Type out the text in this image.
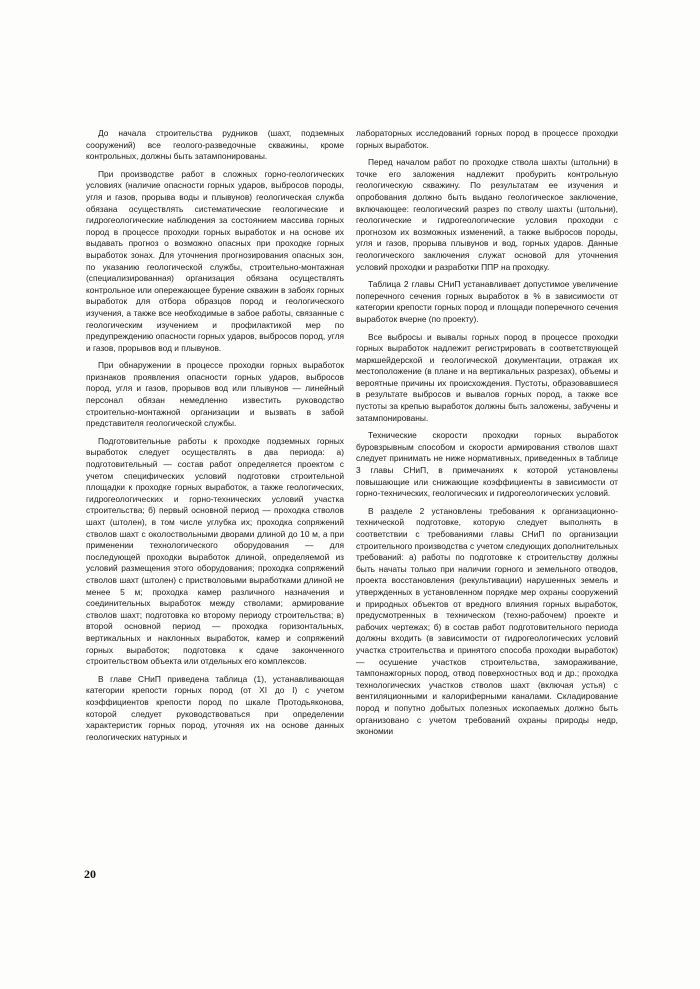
До начала строительства рудников (шахт, подземных сооружений) все геолого-разведочные скважины, кроме контрольных, должны быть затампонированы.

При производстве работ в сложных горно-геологических условиях (наличие опасности горных ударов, выбросов породы, угля и газов, прорыва воды и плывунов) геологическая служба обязана осуществлять систематические геологические и гидрогеологические наблюдения за состоянием массива горных пород в процессе проходки горных выработок и на основе их выдавать прогноз о возможно опасных при проходке горных выработок зонах. Для уточнения прогнозирования опасных зон, по указанию геологической службы, строительно-монтажная (специализированная) организация обязана осуществлять контрольное или опережающее бурение скважин в забоях горных выработок для отбора образцов пород и геологического изучения, а также все необходимые в забое работы, связанные с геологическим изучением и профилактикой мер по предупреждению опасности горных ударов, выбросов пород, угля и газов, прорывов вод и плывунов.

При обнаружении в процессе проходки горных выработок признаков проявления опасности горных ударов, выбросов пород, угля и газов, прорывов вод или плывунов — линейный персонал обязан немедленно известить руководство строительно-монтажной организации и вызвать в забой представителя геологической службы.

Подготовительные работы к проходке подземных горных выработок следует осуществлять в два периода: а) подготовительный — состав работ определяется проектом с учетом специфических условий подготовки строительной площадки к проходке горных выработок, а также геологических, гидрогеологических и горно-технических условий участка строительства; б) первый основной период — проходка стволов шахт (штолен), в том числе углубка их; проходка сопряжений стволов шахт с околоствольными дворами длиной до 10 м, а при применении технологического оборудования — для последующей проходки выработок длиной, определяемой из условий размещения этого оборудования; проходка сопряжений стволов шахт (штолен) с пристволовыми выработками длиной не менее 5 м; проходка камер различного назначения и соединительных выработок между стволами; армирование стволов шахт; подготовка ко второму периоду строительства; в) второй основной период — проходка горизонтальных, вертикальных и наклонных выработок, камер и сопряжений горных выработок; подготовка к сдаче законченного строительством объекта или отдельных его комплексов.

В главе СНиП приведена таблица (1), устанавливающая категории крепости горных пород (от XI до I) с учетом коэффициентов крепости пород по шкале Протодьяконова, которой следует руководствоваться при определении характеристик горных пород, уточняя их на основе данных геологических натурных и

лабораторных исследований горных пород в процессе проходки горных выработок.

Перед началом работ по проходке ствола шахты (штольни) в точке его заложения надлежит пробурить контрольную геологическую скважину. По результатам ее изучения и опробования должно быть выдано геологическое заключение, включающее: геологический разрез по стволу шахты (штольни), геологические и гидрогеологические условия проходки с прогнозом их возможных изменений, а также выбросов породы, угля и газов, прорыва плывунов и вод, горных ударов. Данные геологического заключения служат основой для уточнения условий проходки и разработки ППР на проходку.

Таблица 2 главы СНиП устанавливает допустимое увеличение поперечного сечения горных выработок в % в зависимости от категории крепости горных пород и площади поперечного сечения выработок вчерне (по проекту).

Все выбросы и вывалы горных пород в процессе проходки горных выработок надлежит регистрировать в соответствующей маркшейдерской и геологической документации, отражая их местоположение (в плане и на вертикальных разрезах), объемы и вероятные причины их происхождения. Пустоты, образовавшиеся в результате выбросов и вывалов горных пород, а также все пустоты за крепью выработок должны быть заложены, забучены и затампонированы.

Технические скорости проходки горных выработок буровзрывным способом и скорости армирования стволов шахт следует принимать не ниже нормативных, приведенных в таблице 3 главы СНиП, в примечаниях к которой установлены повышающие или снижающие коэффициенты в зависимости от горно-технических, геологических и гидрогеологических условий.

В разделе 2 установлены требования к организационно-технической подготовке, которую следует выполнять в соответствии с требованиями главы СНиП по организации строительного производства с учетом следующих дополнительных требований: а) работы по подготовке к строительству должны быть начаты только при наличии горного и земельного отводов, проекта восстановления (рекультивации) нарушенных земель и утвержденных в установленном порядке мер охраны сооружений и природных объектов от вредного влияния горных выработок, предусмотренных в техническом (техно-рабочем) проекте и рабочих чертежах; б) в состав работ подготовительного периода должны входить (в зависимости от гидрогеологических условий участка строительства и принятого способа проходки выработок) — осушение участков строительства, замораживание, тампонажгорных пород, отвод поверхностных вод и др.; проходка технологических участков стволов шахт (включая устья) с вентиляционными и калориферными каналами. Складирование пород и попутно добытых полезных ископаемых должно быть организовано с учетом требований охраны природы недр, экономии

20
